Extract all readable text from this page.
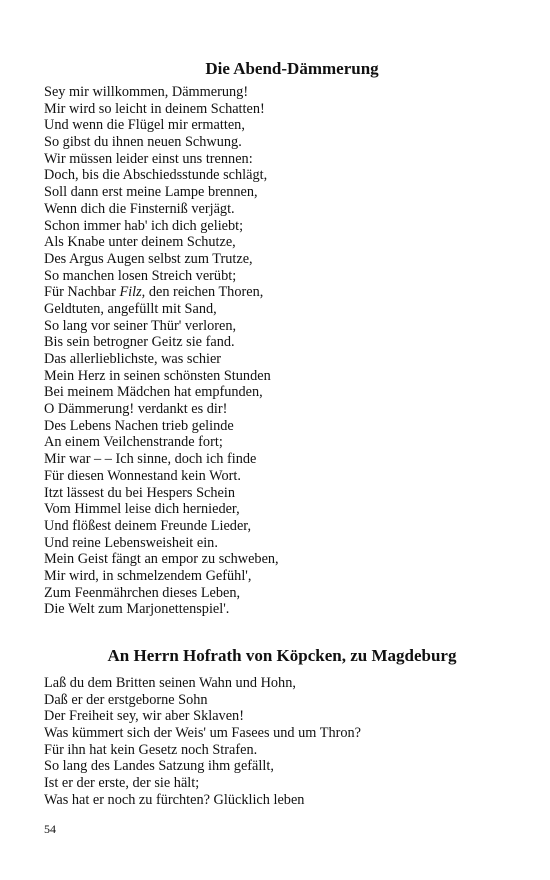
Die Abend-Dämmerung
Sey mir willkommen, Dämmerung!
Mir wird so leicht in deinem Schatten!
Und wenn die Flügel mir ermatten,
So gibst du ihnen neuen Schwung.
Wir müssen leider einst uns trennen:
Doch, bis die Abschiedsstunde schlägt,
Soll dann erst meine Lampe brennen,
Wenn dich die Finsterniß verjägt.
Schon immer hab' ich dich geliebt;
Als Knabe unter deinem Schutze,
Des Argus Augen selbst zum Trutze,
So manchen losen Streich verübt;
Für Nachbar Filz, den reichen Thoren,
Geldtuten, angefüllt mit Sand,
So lang vor seiner Thür' verloren,
Bis sein betrogner Geitz sie fand.
Das allerlieblichste, was schier
Mein Herz in seinen schönsten Stunden
Bei meinem Mädchen hat empfunden,
O Dämmerung! verdankt es dir!
Des Lebens Nachen trieb gelinde
An einem Veilchenstrande fort;
Mir war – – Ich sinne, doch ich finde
Für diesen Wonnestand kein Wort.
Itzt lässest du bei Hespers Schein
Vom Himmel leise dich hernieder,
Und flößest deinem Freunde Lieder,
Und reine Lebensweisheit ein.
Mein Geist fängt an empor zu schweben,
Mir wird, in schmelzendem Gefühl',
Zum Feenmährchen dieses Leben,
Die Welt zum Marjonettenspiel'.
An Herrn Hofrath von Köpcken, zu Magdeburg
Laß du dem Britten seinen Wahn und Hohn,
Daß er der erstgeborne Sohn
Der Freiheit sey, wir aber Sklaven!
Was kümmert sich der Weis' um Fasees und um Thron?
Für ihn hat kein Gesetz noch Strafen.
So lang des Landes Satzung ihm gefällt,
Ist er der erste, der sie hält;
Was hat er noch zu fürchten? Glücklich leben
54
